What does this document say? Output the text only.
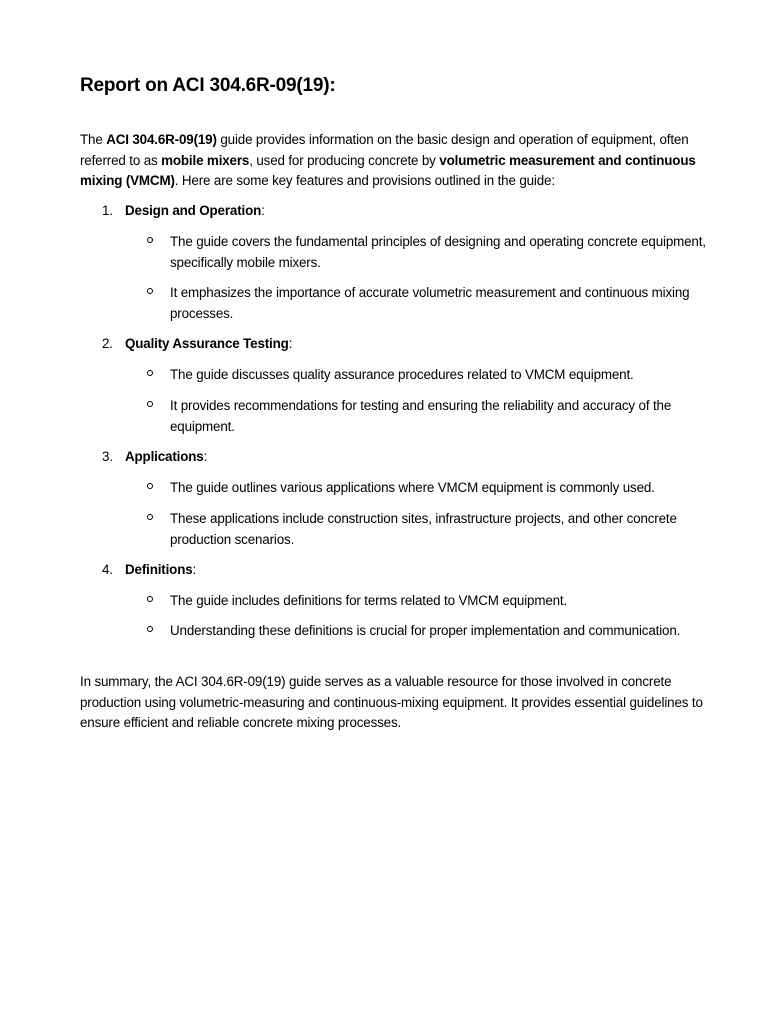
Report on ACI 304.6R-09(19):

The ACI 304.6R-09(19) guide provides information on the basic design and operation of equipment, often referred to as mobile mixers, used for producing concrete by volumetric measurement and continuous mixing (VMCM). Here are some key features and provisions outlined in the guide:

1. Design and Operation:
The guide covers the fundamental principles of designing and operating concrete equipment, specifically mobile mixers.
It emphasizes the importance of accurate volumetric measurement and continuous mixing processes.
2. Quality Assurance Testing:
The guide discusses quality assurance procedures related to VMCM equipment.
It provides recommendations for testing and ensuring the reliability and accuracy of the equipment.
3. Applications:
The guide outlines various applications where VMCM equipment is commonly used.
These applications include construction sites, infrastructure projects, and other concrete production scenarios.
4. Definitions:
The guide includes definitions for terms related to VMCM equipment.
Understanding these definitions is crucial for proper implementation and communication.

In summary, the ACI 304.6R-09(19) guide serves as a valuable resource for those involved in concrete production using volumetric-measuring and continuous-mixing equipment. It provides essential guidelines to ensure efficient and reliable concrete mixing processes.
